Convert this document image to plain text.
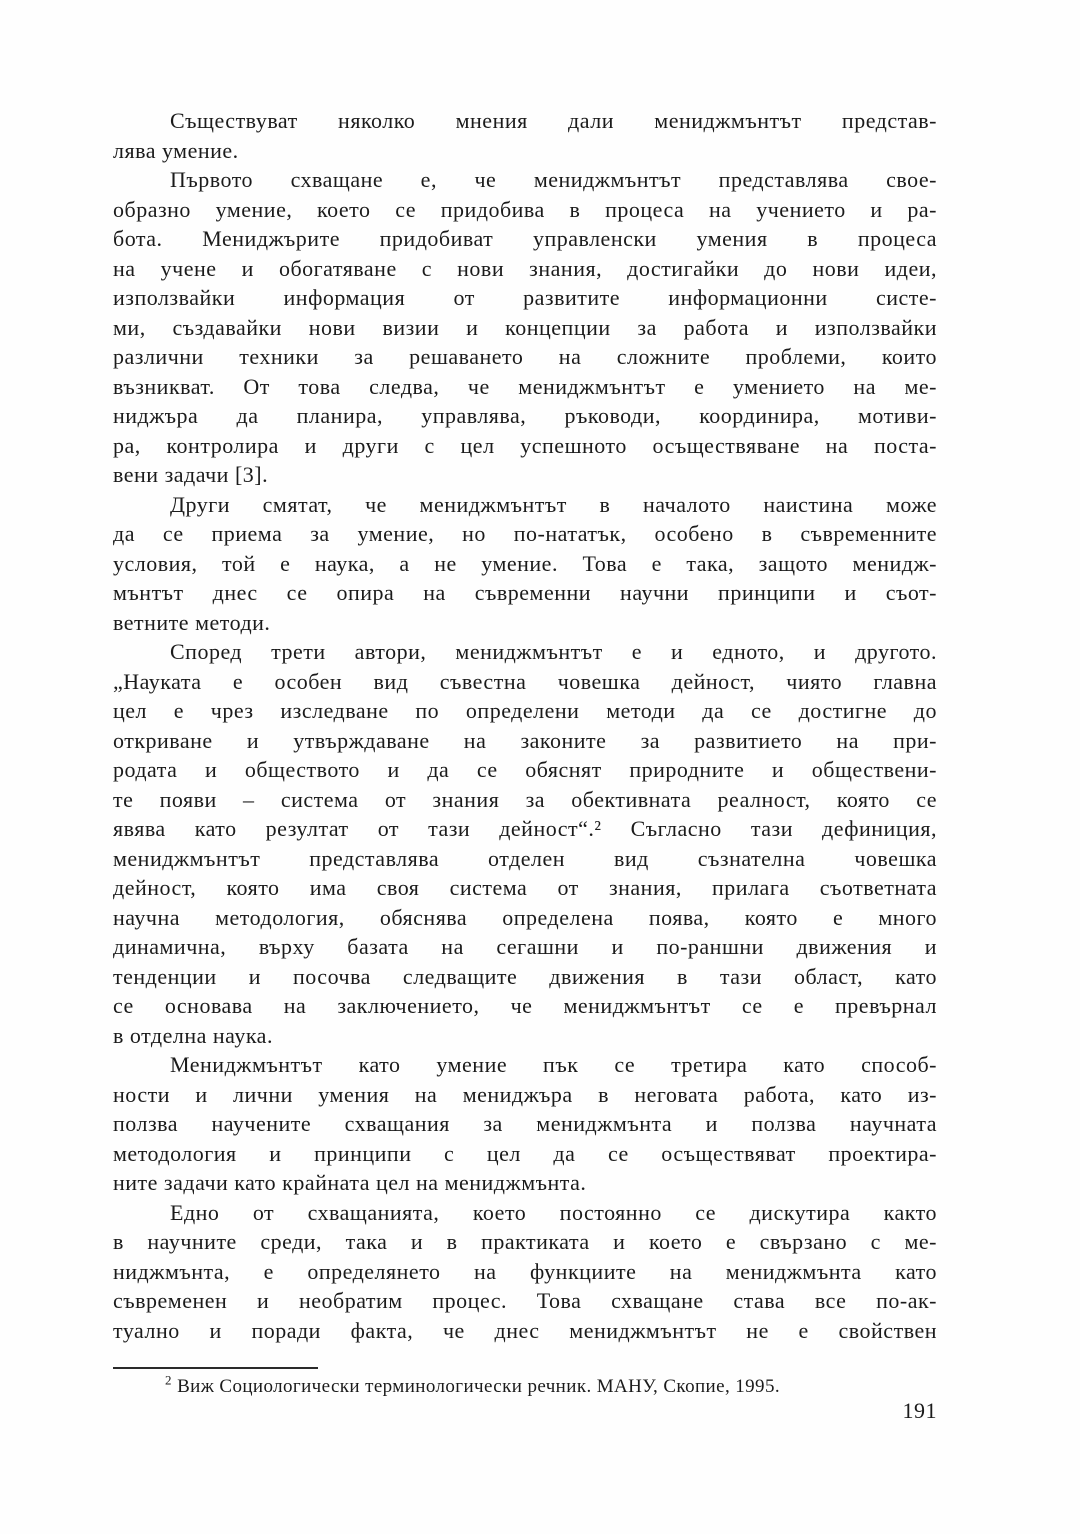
Съществуват няколко мнения дали мениджмънтът представ-
лява умение.
Първото схващане е, че мениджмънтът представлява свое-
образно умение, което се придобива в процеса на учението и ра-
бота. Мениджърите придобиват управленски умения в процеса
на учене и обогатяване с нови знания, достигайки до нови идеи,
използвайки информация от развитите информационни систе-
ми, създавайки нови визии и концепции за работа и използвайки
различни техники за решаването на сложните проблеми, които
възникват. От това следва, че мениджмънтът е умението на ме-
ниджъра да планира, управлява, ръководи, координира, мотиви-
ра, контролира и други с цел успешното осъществяване на поста-
вени задачи [3].
Други смятат, че мениджмънтът в началото наистина може
да се приема за умение, но по-нататък, особено в съвременните
условия, той е наука, а не умение. Това е така, защото менидж-
мънтът днес се опира на съвременни научни принципи и съот-
ветните методи.
Според трети автори, мениджмънтът е и едното, и другото.
„Науката е особен вид съвестна човешка дейност, чиято главна
цел е чрез изследване по определени методи да се достигне до
откриване и утвърждаване на законите за развитието на при-
родата и обществото и да се обяснят природните и обществени-
те появи – система от знания за обективната реалност, която се
явява като резултат от тази дейност“.² Съгласно тази дефиниция,
мениджмънтът представлява отделен вид съзнателна човешка
дейност, която има своя система от знания, прилага съответната
научна методология, обяснява определена поява, която е много
динамична, върху базата на сегашни и по-раншни движения и
тенденции и посочва следващите движения в тази област, като
се основава на заключението, че мениджмънтът се е превърнал
в отделна наука.
Мениджмънтът като умение пък се третира като способ-
ности и лични умения на мениджъра в неговата работа, като из-
ползва научените схващания за мениджмънта и ползва научната
методология и принципи с цел да се осъществяват проектира-
ните задачи като крайната цел на мениджмънта.
Едно от схващанията, което постоянно се дискутира както
в научните среди, така и в практиката и което е свързано с ме-
ниджмънта, е определянето на функциите на мениджмънта като
съвременен и необратим процес. Това схващане става все по-ак-
туално и поради факта, че днес мениджмънтът не е свойствен
$^2$ Виж Социологически терминологически речник. МАНУ, Скопие, 1995.
191
